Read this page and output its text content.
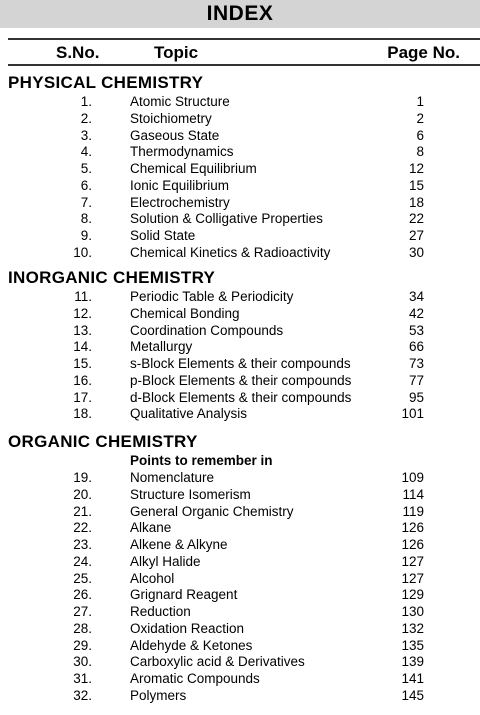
INDEX
S.No.	Topic	Page No.
PHYSICAL CHEMISTRY
1.	Atomic Structure	1
2.	Stoichiometry	2
3.	Gaseous State	6
4.	Thermodynamics	8
5.	Chemical Equilibrium	12
6.	Ionic Equilibrium	15
7.	Electrochemistry	18
8.	Solution & Colligative Properties	22
9.	Solid State	27
10.	Chemical Kinetics & Radioactivity	30
INORGANIC CHEMISTRY
11.	Periodic Table & Periodicity	34
12.	Chemical Bonding	42
13.	Coordination Compounds	53
14.	Metallurgy	66
15.	s-Block Elements & their compounds	73
16.	p-Block Elements & their compounds	77
17.	d-Block Elements & their compounds	95
18.	Qualitative Analysis	101
ORGANIC CHEMISTRY
Points to remember in
19.	Nomenclature	109
20.	Structure Isomerism	114
21.	General Organic Chemistry	119
22.	Alkane	126
23.	Alkene & Alkyne	126
24.	Alkyl Halide	127
25.	Alcohol	127
26.	Grignard Reagent	129
27.	Reduction	130
28.	Oxidation Reaction	132
29.	Aldehyde & Ketones	135
30.	Carboxylic acid & Derivatives	139
31.	Aromatic Compounds	141
32.	Polymers	145
